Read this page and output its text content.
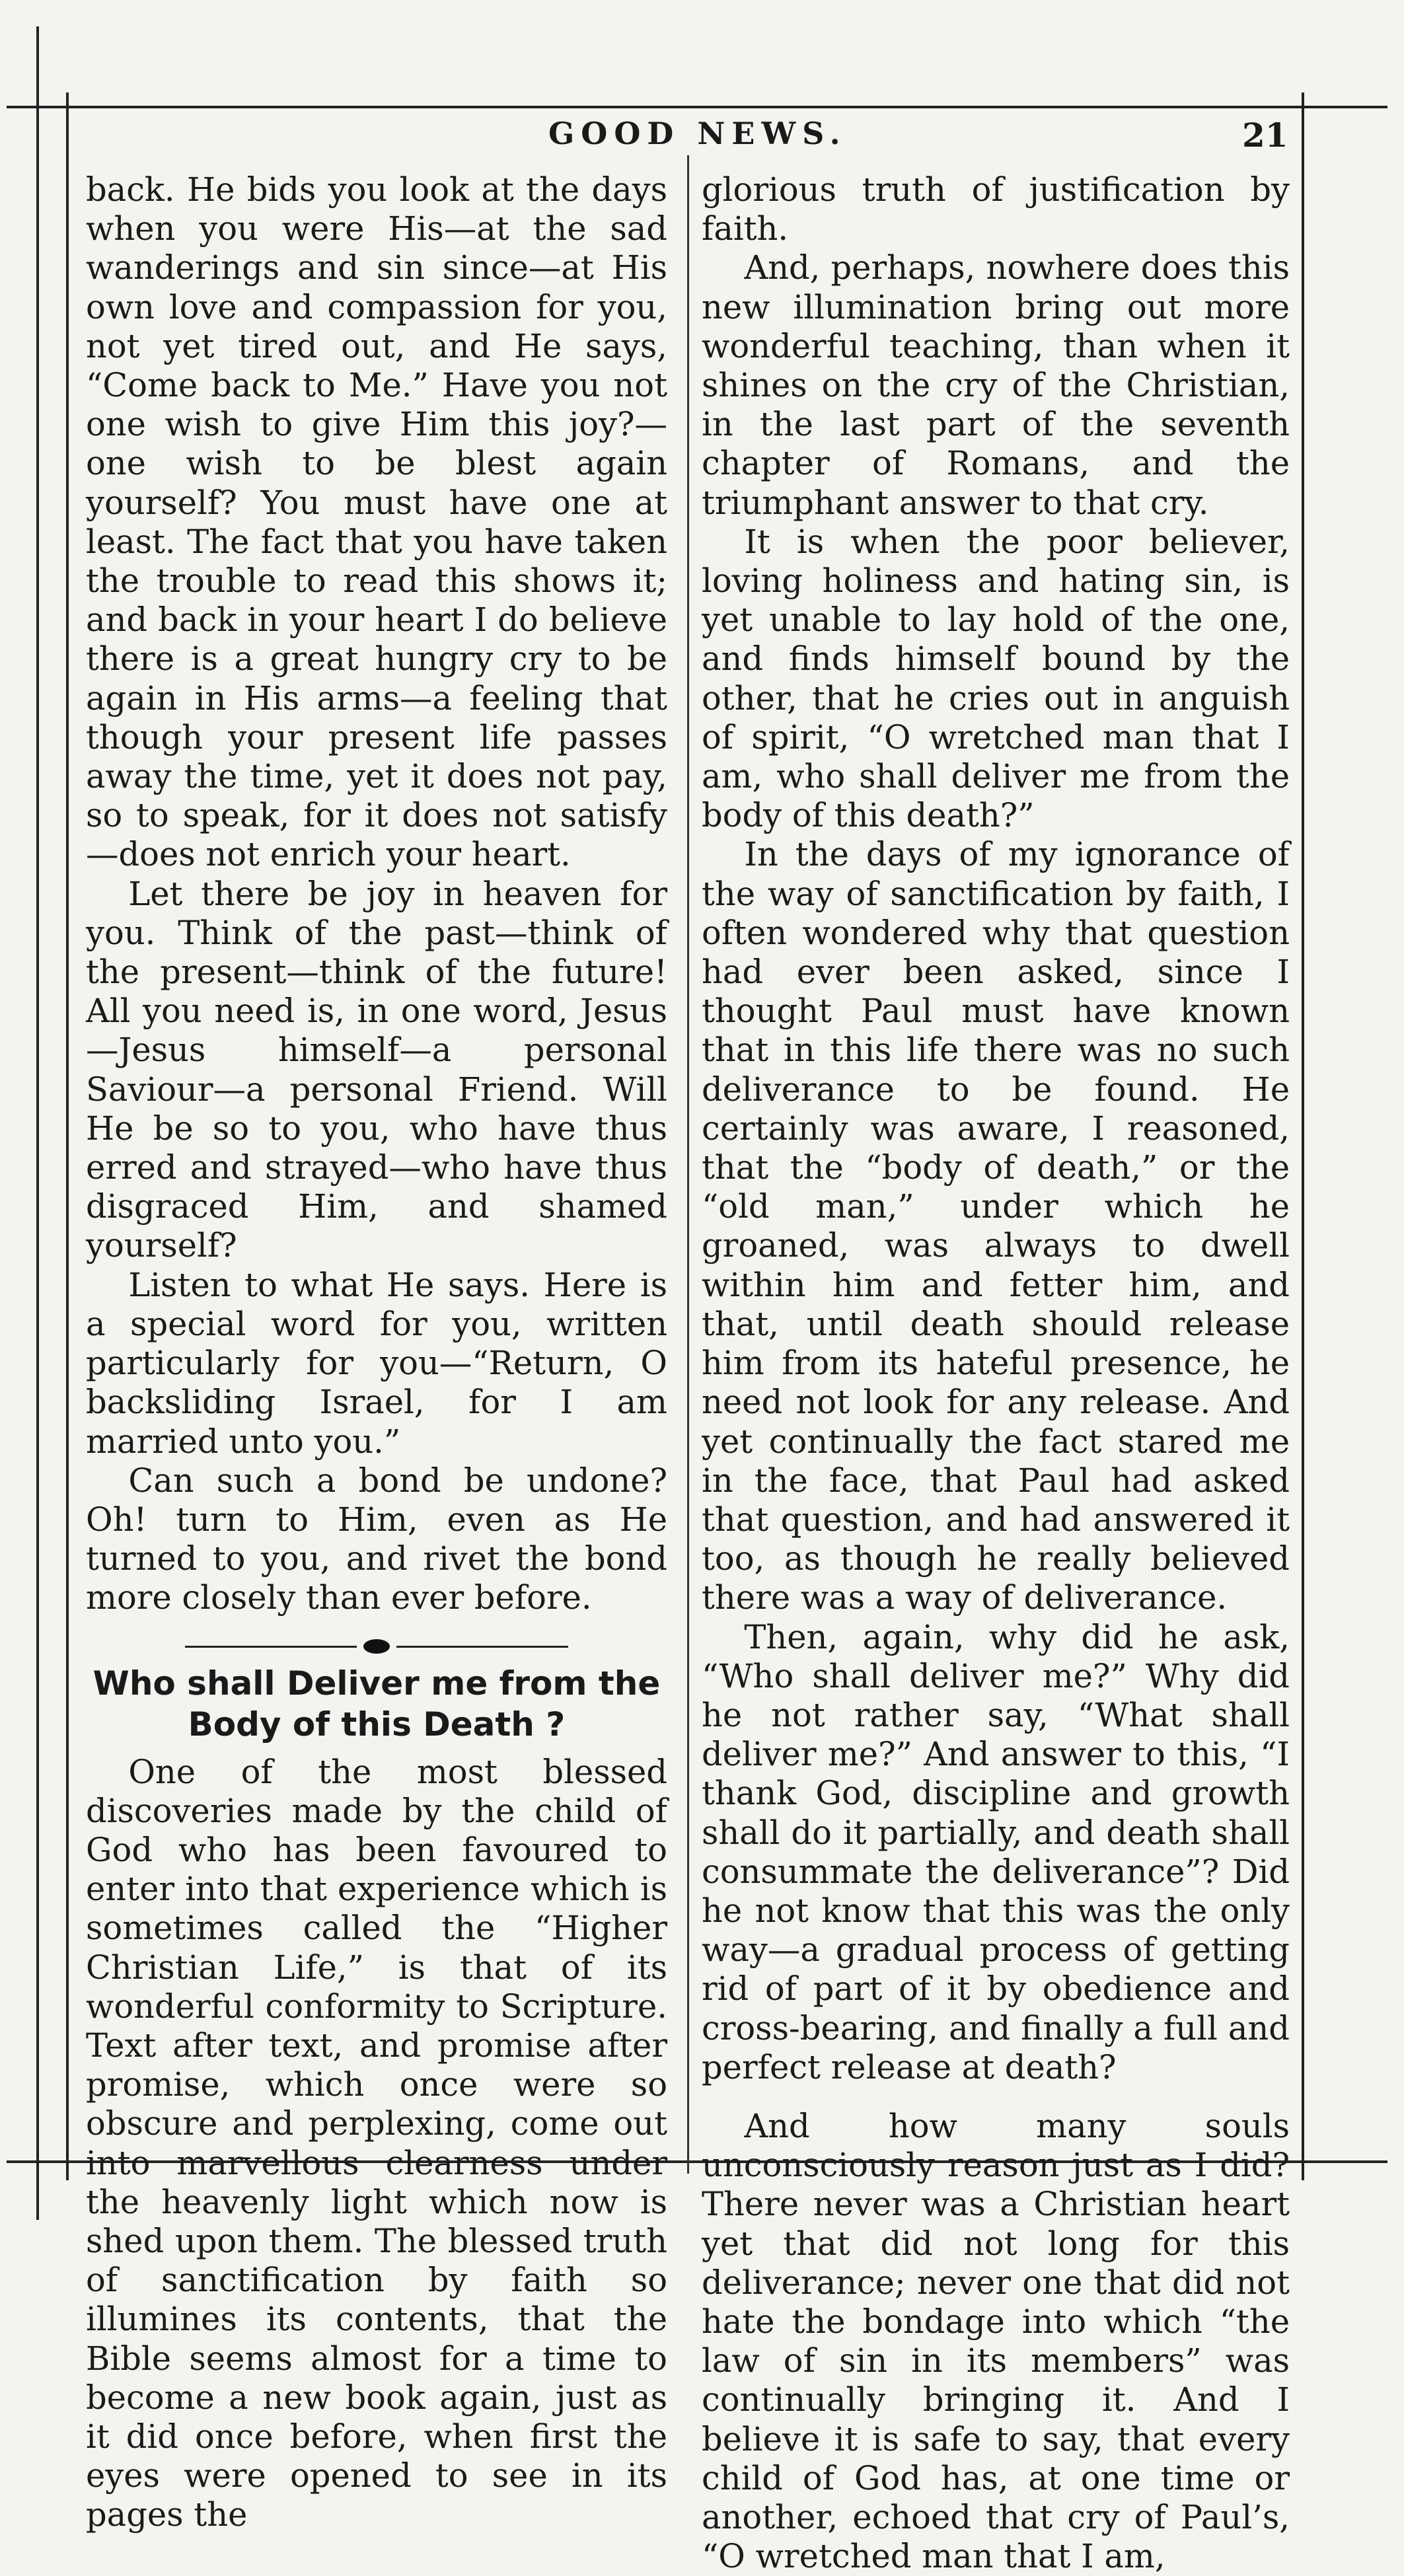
GOOD NEWS.	21

back. He bids you look at the days when you were His—at the sad wanderings and sin since—at His own love and compassion for you, not yet tired out, and He says, “Come back to Me.” Have you not one wish to give Him this joy?—one wish to be blest again yourself? You must have one at least. The fact that you have taken the trouble to read this shows it; and back in your heart I do believe there is a great hungry cry to be again in His arms—a feeling that though your present life passes away the time, yet it does not pay, so to speak, for it does not satisfy—does not enrich your heart.

Let there be joy in heaven for you. Think of the past—think of the present—think of the future! All you need is, in one word, Jesus—Jesus himself—a personal Saviour—a personal Friend. Will He be so to you, who have thus erred and strayed—who have thus disgraced Him, and shamed yourself?

Listen to what He says. Here is a special word for you, written particularly for you—“Return, O backsliding Israel, for I am married unto you.”

Can such a bond be undone? Oh! turn to Him, even as He turned to you, and rivet the bond more closely than ever before.

Who shall Deliver me from the
Body of this Death ?

One of the most blessed discoveries made by the child of God who has been favoured to enter into that experience which is sometimes called the “Higher Christian Life,” is that of its wonderful conformity to Scripture. Text after text, and promise after promise, which once were so obscure and perplexing, come out into marvellous clearness under the heavenly light which now is shed upon them. The blessed truth of sanctification by faith so illumines its contents, that the Bible seems almost for a time to become a new book again, just as it did once before, when first the eyes were opened to see in its pages the

glorious truth of justification by faith.

And, perhaps, nowhere does this new illumination bring out more wonderful teaching, than when it shines on the cry of the Christian, in the last part of the seventh chapter of Romans, and the triumphant answer to that cry.

It is when the poor believer, loving holiness and hating sin, is yet unable to lay hold of the one, and finds himself bound by the other, that he cries out in anguish of spirit, “O wretched man that I am, who shall deliver me from the body of this death?”

In the days of my ignorance of the way of sanctification by faith, I often wondered why that question had ever been asked, since I thought Paul must have known that in this life there was no such deliverance to be found. He certainly was aware, I reasoned, that the “body of death,” or the “old man,” under which he groaned, was always to dwell within him and fetter him, and that, until death should release him from its hateful presence, he need not look for any release. And yet continually the fact stared me in the face, that Paul had asked that question, and had answered it too, as though he really believed there was a way of deliverance.

Then, again, why did he ask, “Who shall deliver me?” Why did he not rather say, “What shall deliver me?” And answer to this, “I thank God, discipline and growth shall do it partially, and death shall consummate the deliverance”? Did he not know that this was the only way—a gradual process of getting rid of part of it by obedience and cross-bearing, and finally a full and perfect release at death?

And how many souls unconsciously reason just as I did? There never was a Christian heart yet that did not long for this deliverance; never one that did not hate the bondage into which “the law of sin in its members” was continually bringing it. And I believe it is safe to say, that every child of God has, at one time or another, echoed that cry of Paul’s, “O wretched man that I am,
